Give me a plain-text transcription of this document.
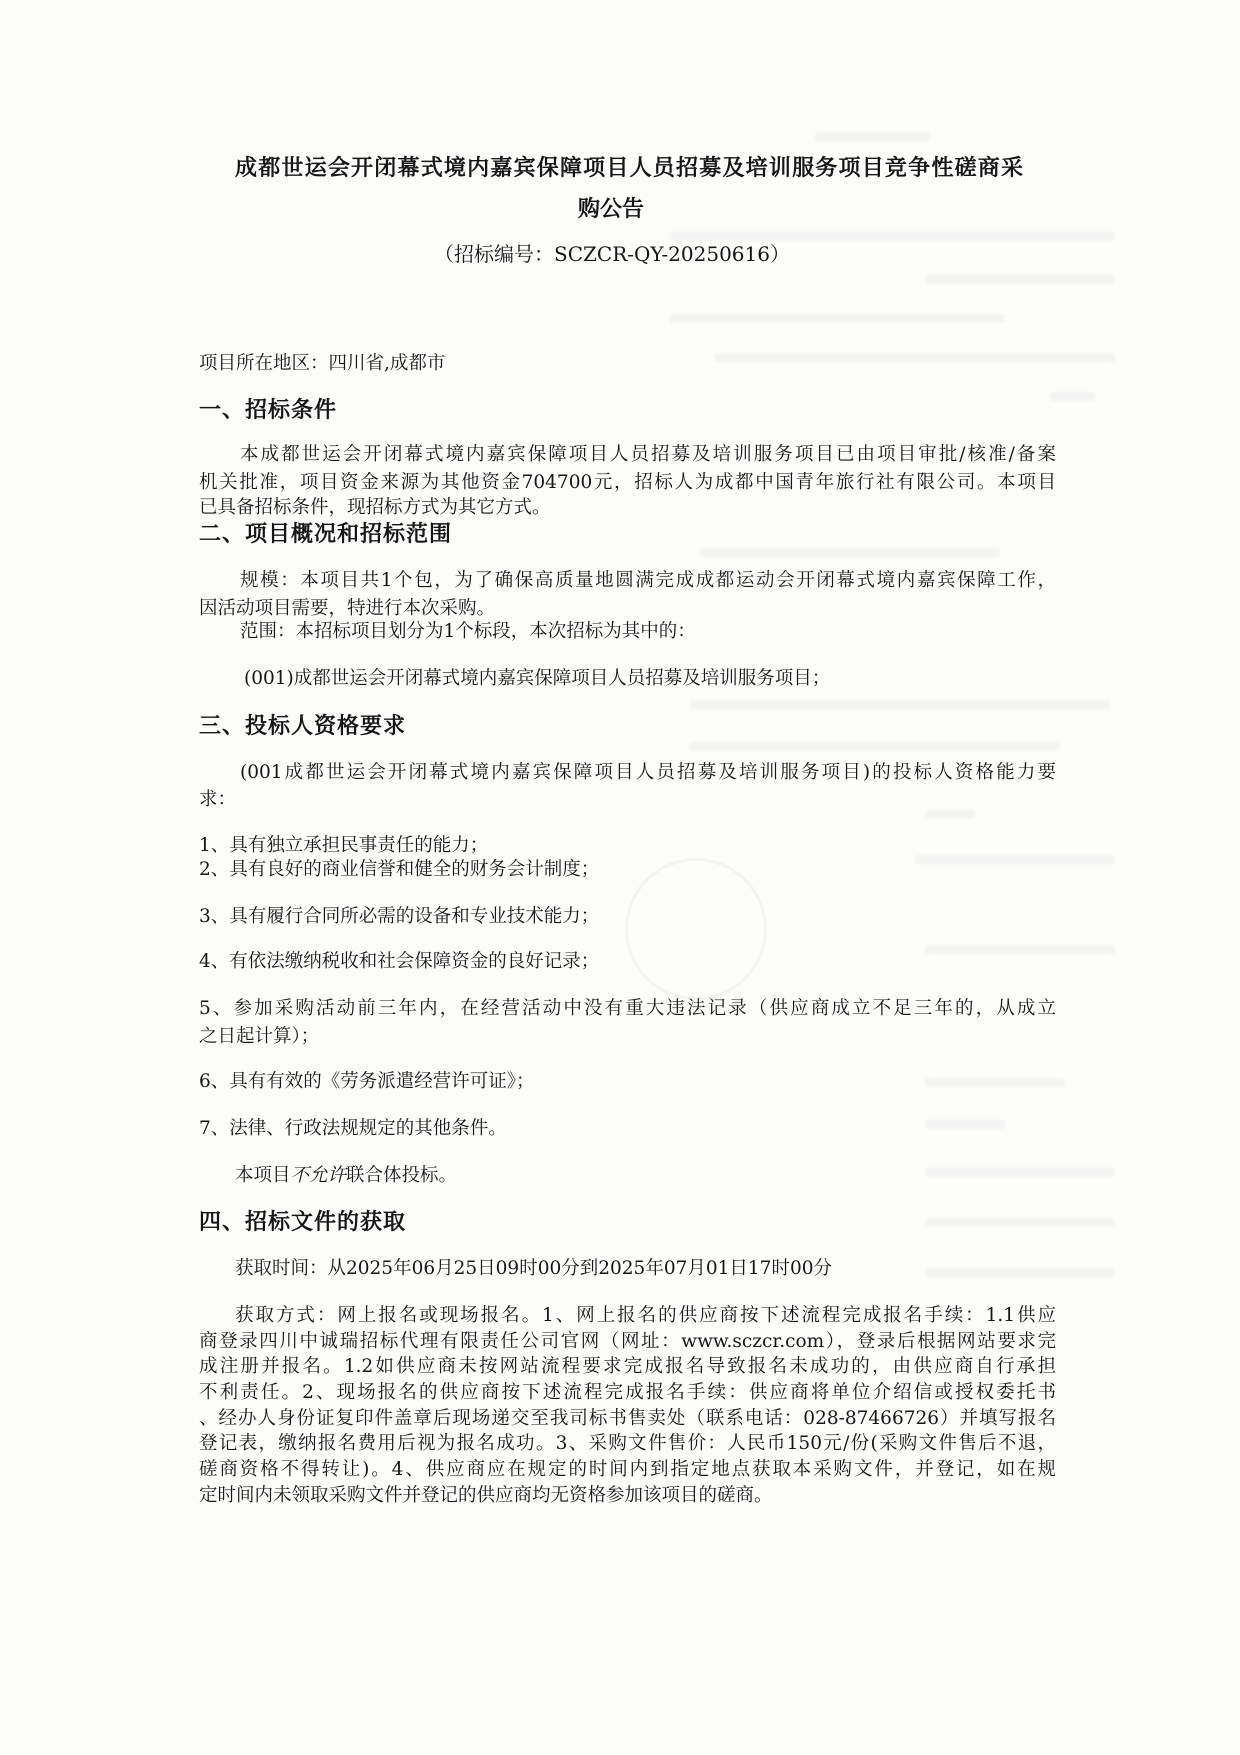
成都世运会开闭幕式境内嘉宾保障项目人员招募及培训服务项目竞争性磋商采
购公告
（招标编号：SCZCR-QY-20250616）
项目所在地区：四川省,成都市
一、招标条件
本成都世运会开闭幕式境内嘉宾保障项目人员招募及培训服务项目已由项目审批/核准/备案
机关批准，项目资金来源为其他资金704700元，招标人为成都中国青年旅行社有限公司。本项目
已具备招标条件，现招标方式为其它方式。
二、项目概况和招标范围
规模：本项目共1个包，为了确保高质量地圆满完成成都运动会开闭幕式境内嘉宾保障工作，
因活动项目需要，特进行本次采购。
范围：本招标项目划分为1个标段，本次招标为其中的：
(001)成都世运会开闭幕式境内嘉宾保障项目人员招募及培训服务项目；
三、投标人资格要求
(001成都世运会开闭幕式境内嘉宾保障项目人员招募及培训服务项目)的投标人资格能力要
求：
1、具有独立承担民事责任的能力；
2、具有良好的商业信誉和健全的财务会计制度；
3、具有履行合同所必需的设备和专业技术能力；
4、有依法缴纳税收和社会保障资金的良好记录；
5、参加采购活动前三年内，在经营活动中没有重大违法记录（供应商成立不足三年的，从成立
之日起计算）；
6、具有有效的《劳务派遣经营许可证》；
7、法律、行政法规规定的其他条件。
本项目不允许联合体投标。
四、招标文件的获取
获取时间：从2025年06月25日09时00分到2025年07月01日17时00分
获取方式：网上报名或现场报名。1、网上报名的供应商按下述流程完成报名手续：1.1供应
商登录四川中诚瑞招标代理有限责任公司官网（网址：www.sczcr.com），登录后根据网站要求完
成注册并报名。1.2如供应商未按网站流程要求完成报名导致报名未成功的，由供应商自行承担
不利责任。2、现场报名的供应商按下述流程完成报名手续：供应商将单位介绍信或授权委托书
、经办人身份证复印件盖章后现场递交至我司标书售卖处（联系电话：028-87466726）并填写报名
登记表，缴纳报名费用后视为报名成功。3、采购文件售价：人民币150元/份(采购文件售后不退，
磋商资格不得转让)。4、供应商应在规定的时间内到指定地点获取本采购文件，并登记，如在规
定时间内未领取采购文件并登记的供应商均无资格参加该项目的磋商。
